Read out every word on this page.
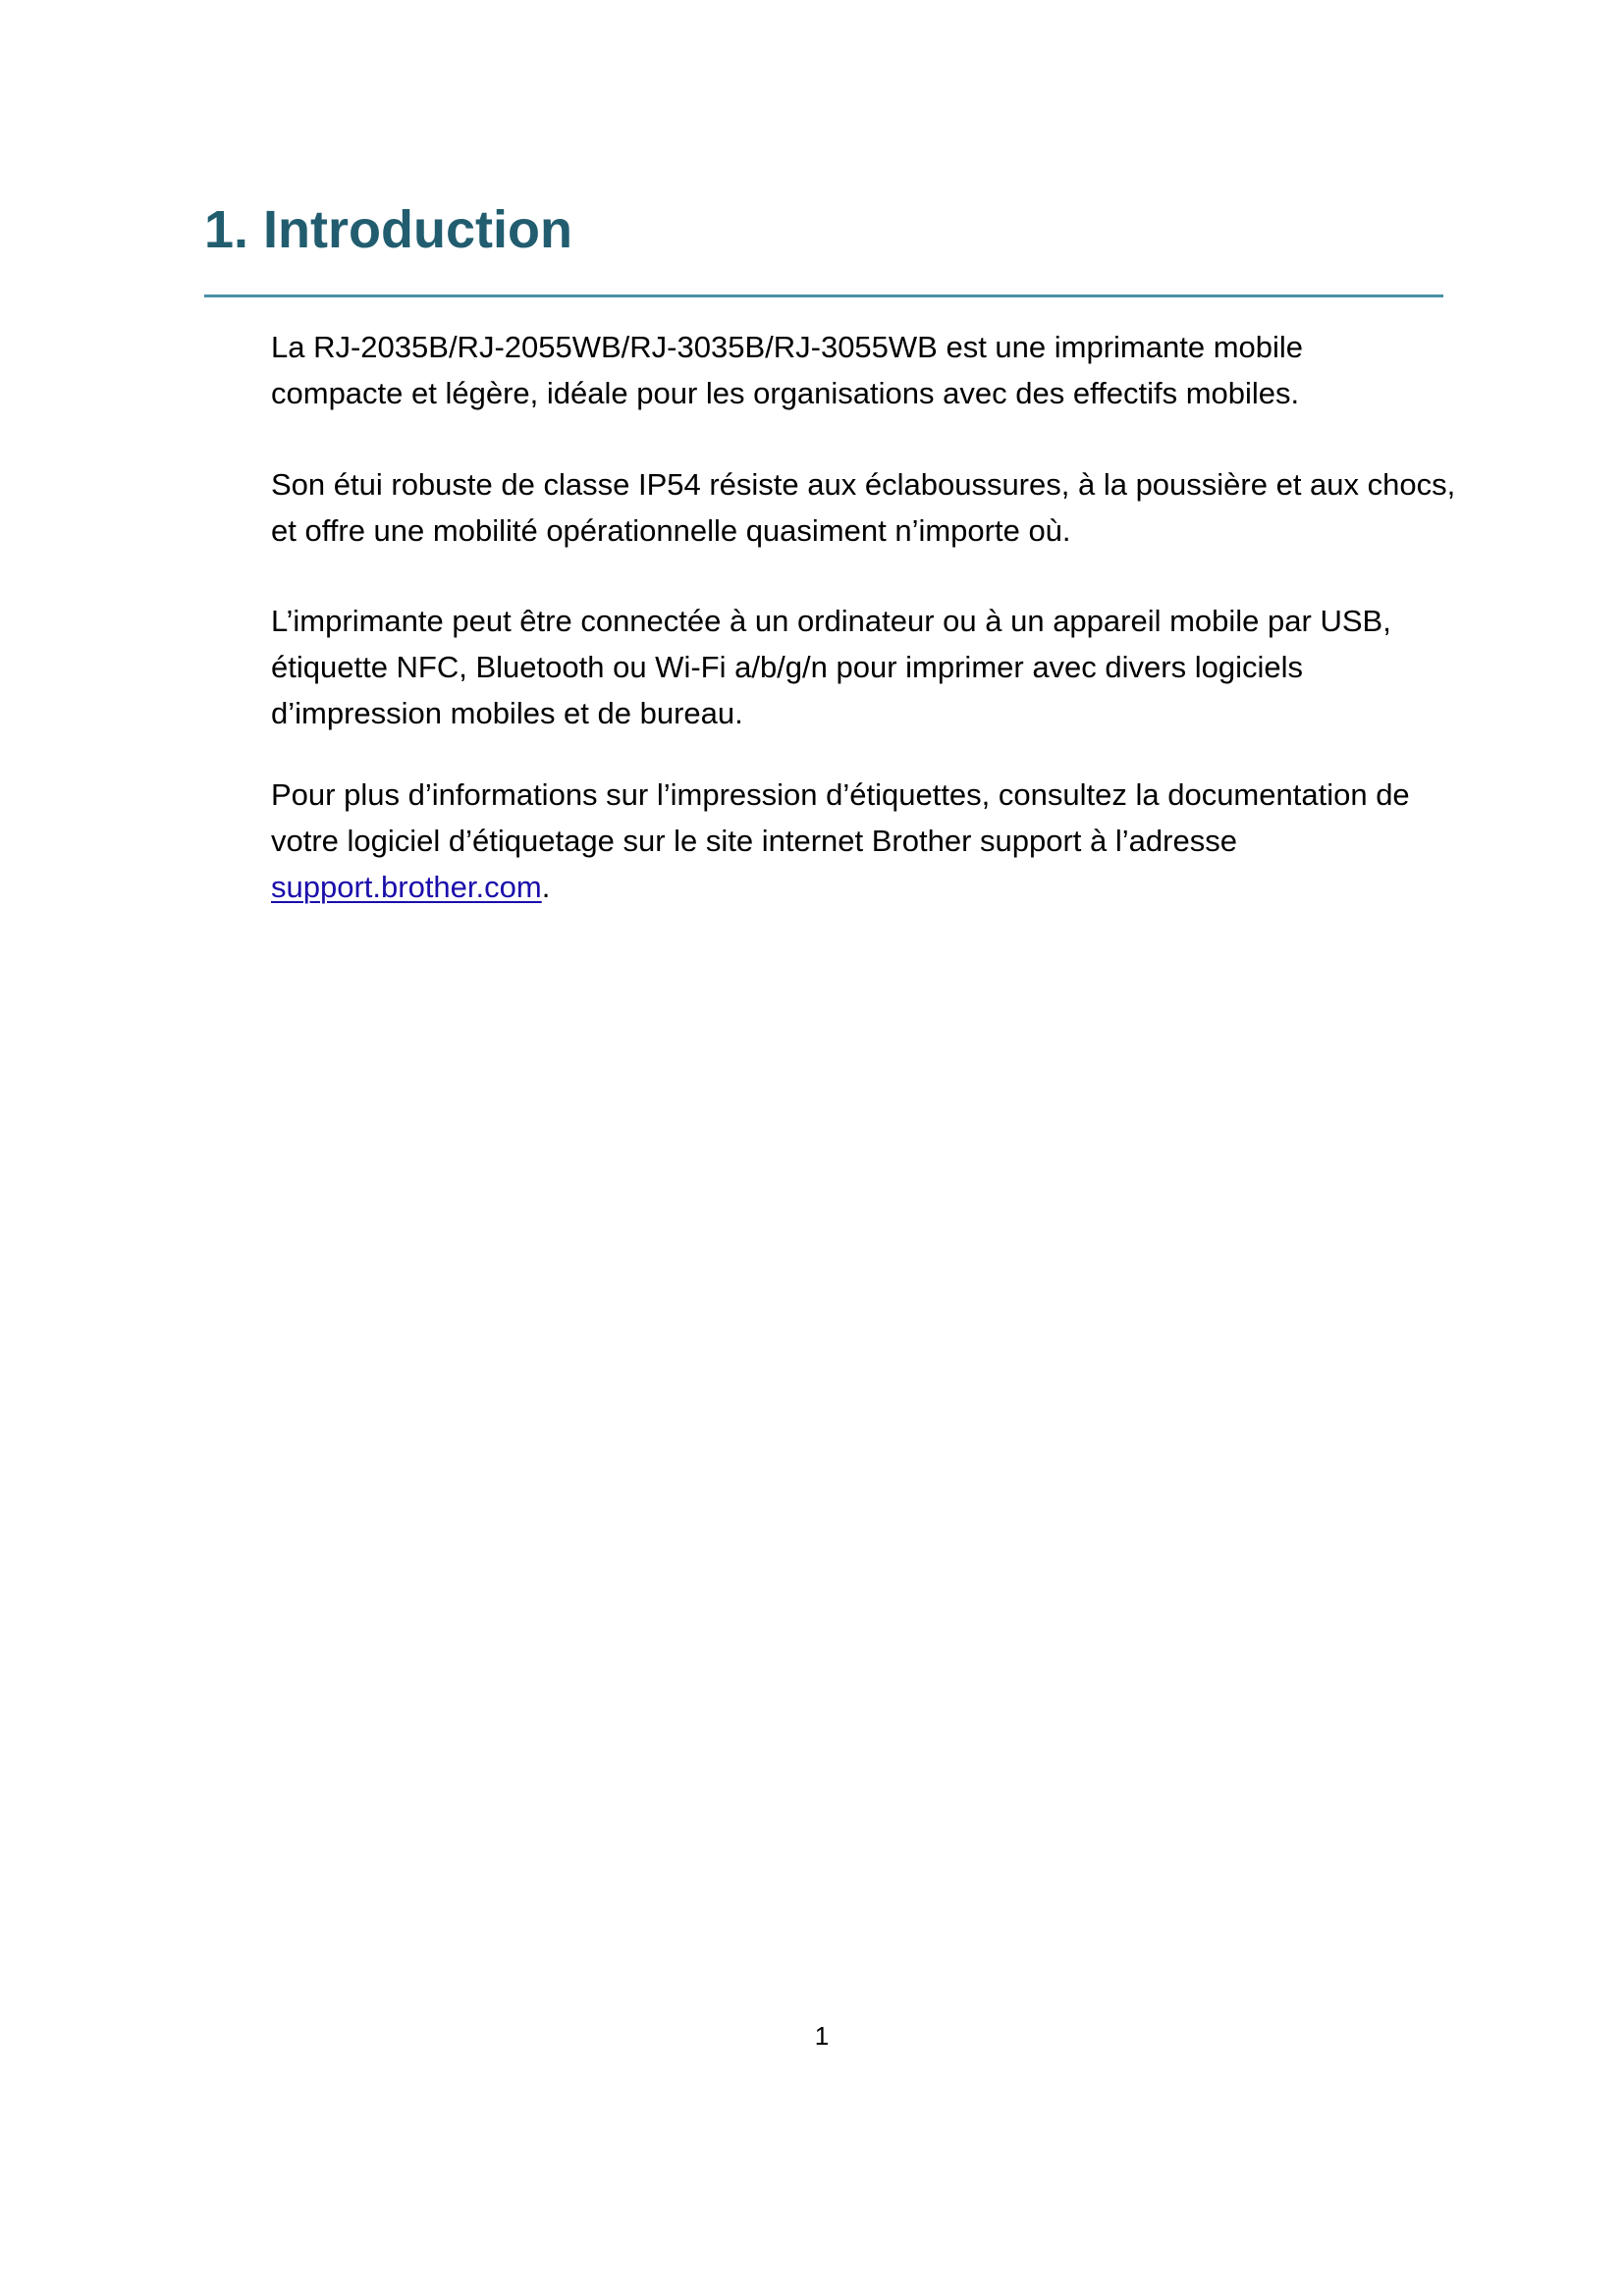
1. Introduction

La RJ-2035B/RJ-2055WB/RJ-3035B/RJ-3055WB est une imprimante mobile
compacte et légère, idéale pour les organisations avec des effectifs mobiles.

Son étui robuste de classe IP54 résiste aux éclaboussures, à la poussière et aux chocs,
et offre une mobilité opérationnelle quasiment n’importe où.

L’imprimante peut être connectée à un ordinateur ou à un appareil mobile par USB,
étiquette NFC, Bluetooth ou Wi-Fi a/b/g/n pour imprimer avec divers logiciels
d’impression mobiles et de bureau.

Pour plus d’informations sur l’impression d’étiquettes, consultez la documentation de
votre logiciel d’étiquetage sur le site internet Brother support à l’adresse
support.brother.com.

1
